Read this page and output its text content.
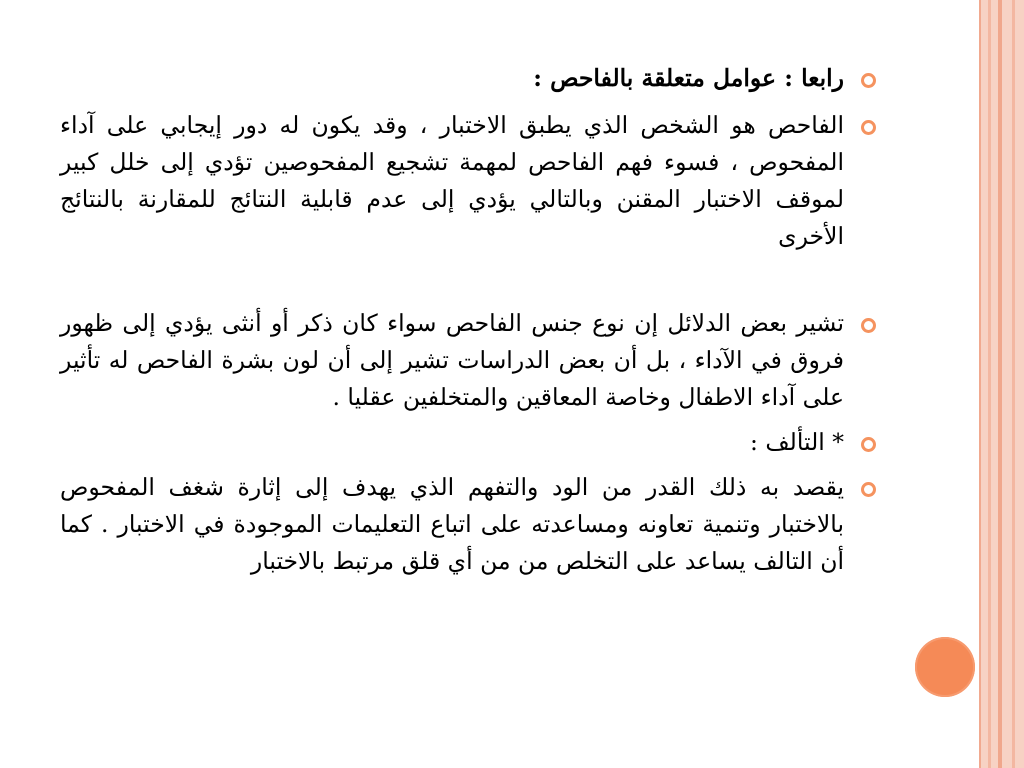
رابعا : عوامل متعلقة بالفاحص :

الفاحص هو الشخص الذي يطبق الاختبار ، وقد يكون له دور إيجابي على آداء المفحوص ، فسوء فهم الفاحص لمهمة تشجيع المفحوصين تؤدي إلى خلل كبير لموقف الاختبار المقنن وبالتالي يؤدي إلى عدم قابلية النتائج للمقارنة بالنتائج الأخرى

تشير بعض الدلائل إن نوع جنس الفاحص سواء كان ذكر أو أنثى يؤدي إلى ظهور فروق في الآداء ، بل أن بعض الدراسات تشير إلى أن لون بشرة الفاحص له تأثير على آداء الاطفال وخاصة المعاقين والمتخلفين عقليا .

* التألف :

يقصد به ذلك القدر من الود والتفهم الذي يهدف إلى إثارة شغف المفحوص بالاختبار وتنمية تعاونه ومساعدته على اتباع التعليمات الموجودة في الاختبار . كما أن التالف يساعد على التخلص من من أي قلق مرتبط بالاختبار
